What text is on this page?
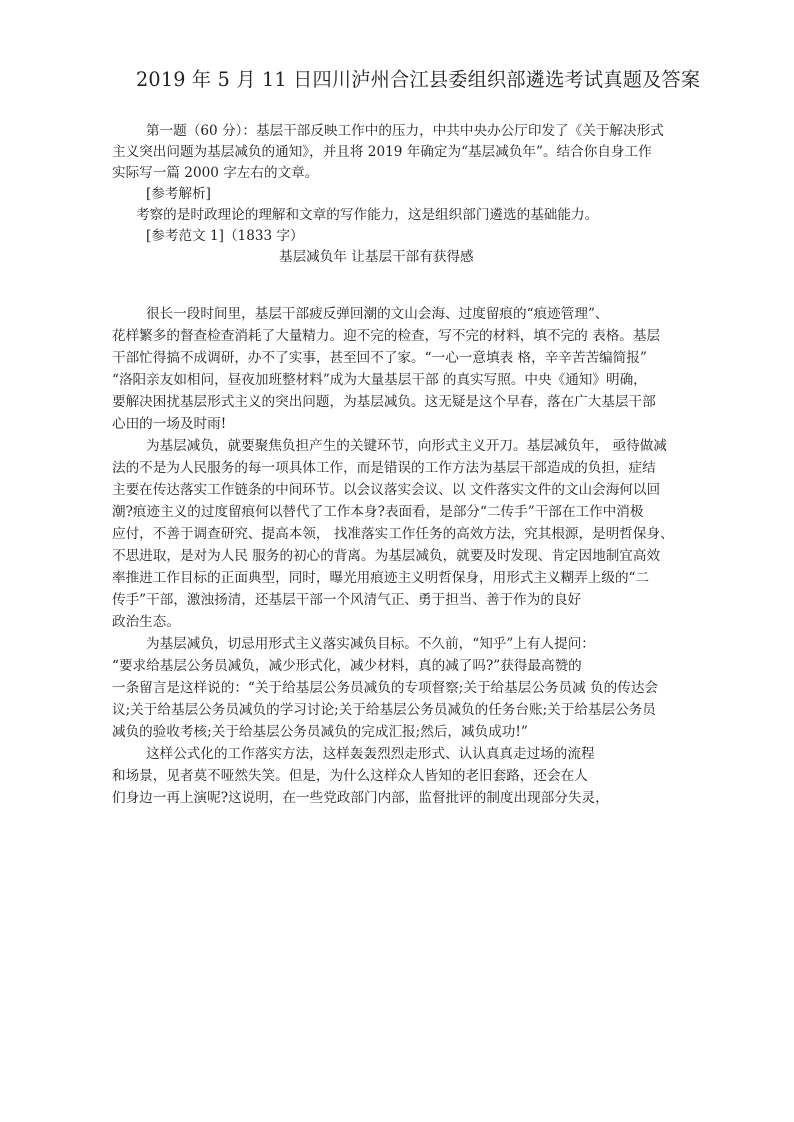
2019 年 5 月 11 日四川泸州合江县委组织部遴选考试真题及答案
第一题（60 分）：基层干部反映工作中的压力，中共中央办公厅印发了《关于解决形式
主义突出问题为基层减负的通知》，并且将 2019 年确定为“基层减负年”。结合你自身工作
实际写一篇 2000 字左右的文章。
[参考解析]
考察的是时政理论的理解和文章的写作能力，这是组织部门遴选的基础能力。
[参考范文 1]（1833 字）
基层减负年 让基层干部有获得感
很长一段时间里，基层干部疲反弹回潮的文山会海、过度留痕的“痕迹管理”、
花样繁多的督查检查消耗了大量精力。迎不完的检查，写不完的材料，填不完的 表格。基层
干部忙得搞不成调研，办不了实事，甚至回不了家。“一心一意填表 格，辛辛苦苦编简报”
“洛阳亲友如相问，昼夜加班整材料”成为大量基层干部 的真实写照。中央《通知》明确，
要解决困扰基层形式主义的突出问题，为基层减负。这无疑是这个早春，落在广大基层干部
心田的一场及时雨!
为基层减负，就要聚焦负担产生的关键环节，向形式主义开刀。基层减负年， 亟待做减
法的不是为人民服务的每一项具体工作，而是错误的工作方法为基层干部造成的负担，症结
主要在传达落实工作链条的中间环节。以会议落实会议、以 文件落实文件的文山会海何以回
潮?痕迹主义的过度留痕何以替代了工作本身?表面看，是部分“二传手”干部在工作中消极
应付，不善于调查研究、提高本领， 找准落实工作任务的高效方法，究其根源，是明哲保身、
不思进取，是对为人民 服务的初心的背离。为基层减负，就要及时发现、肯定因地制宜高效
率推进工作目标的正面典型，同时，曝光用痕迹主义明哲保身，用形式主义糊弄上级的“二
传手”干部，激浊扬清，还基层干部一个风清气正、勇于担当、善于作为的良好
政治生态。
为基层减负，切忌用形式主义落实减负目标。不久前，“知乎”上有人提问：
“要求给基层公务员减负，减少形式化，减少材料，真的减了吗?”获得最高赞的
一条留言是这样说的：“关于给基层公务员减负的专项督察;关于给基层公务员减 负的传达会
议;关于给基层公务员减负的学习讨论;关于给基层公务员减负的任务台账;关于给基层公务员
减负的验收考核;关于给基层公务员减负的完成汇报;然后，减负成功!”
这样公式化的工作落实方法，这样轰轰烈烈走形式、认认真真走过场的流程
和场景，见者莫不哑然失笑。但是，为什么这样众人皆知的老旧套路，还会在人
们身边一再上演呢?这说明，在一些党政部门内部，监督批评的制度出现部分失灵，
